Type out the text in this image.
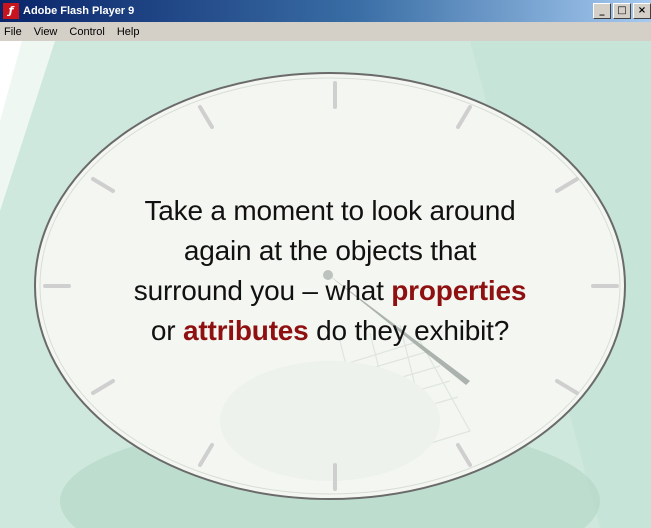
ƒ Adobe Flash Player 9	_	□	×
File	View	Control	Help
Take a moment to look around
again at the objects that
surround you – what properties
or attributes do they exhibit?
